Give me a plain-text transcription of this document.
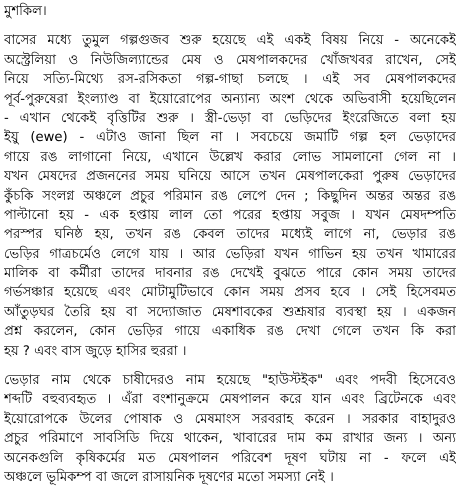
মুশকিল।
বাসের মধ্যে তুমুল গল্পগুজব শুরু হয়েছে এই একই বিষয় নিয়ে - অনেকেই
অস্ট্রেলিয়া ও নিউজিল্যান্ডের মেষ ও মেষপালকদের খোঁজখবর রাখেন, সেই
নিয়ে সত্যি-মিথ্যে রস-রসিকতা গল্প-গাছা চলছে । এই সব মেষপালকদের
পূর্ব-পুরুষেরা ইংল্যাণ্ড বা ইয়োরোপের অন্যান্য অংশ থেকে অভিবাসী হয়েছিলেন
- এখান থেকেই বৃত্তিটির শুরু । স্ত্রী-ভেড়া বা ভেড়িদের ইংরেজিতে বলা হয়
ইয়ু (ewe) - এটাও জানা ছিল না । সবচেয়ে জমাটি গল্প হল ভেড়াদের
গায়ে রঙ লাগানো নিয়ে, এখানে উল্লেখ করার লোভ সামলানো গেল না ।
যখন মেষদের প্রজননের সময় ঘনিয়ে আসে তখন মেষপালকেরা পুরুষ ভেড়াদের
কুঁচকি সংলগ্ন অঞ্চলে প্রচুর পরিমান রঙ লেপে দেন ; কিছুদিন অন্তর অন্তর রঙ
পাল্টানো হয় - এক হপ্তায় লাল তো পরের হপ্তায় সবুজ । যখন মেষদম্পতি
পরস্পর ঘনিষ্ঠ হয়, তখন রঙ কেবল তাদের মধ্যেই লাগে না, ভেড়ার রঙ
ভেড়ির গাত্রচর্মেও লেগে যায় । আর ভেড়িরা যখন গাভিন হয় তখন খামারের
মালিক বা কর্মীরা তাদের দাবনার রঙ দেখেই বুঝতে পারে কোন সময় তাদের
গর্ভসঞ্চার হয়েছে এবং মোটামুটিভাবে কোন সময় প্রসব হবে । সেই হিসেবমত
আঁতুড়ঘর তৈরি হয় বা সদ্যোজাত মেষশাবকের শুশ্রূষার ব্যবস্থা হয় । একজন
প্রশ্ন করলেন, কোন ভেড়ির গায়ে একাধিক রঙ দেখা গেলে তখন কি করা
হয় ? এবং বাস জুড়ে হাসির হুররা ।
ভেড়ার নাম থেকে চাষীদেরও নাম হয়েছে "হাউস্টইক" এবং পদবী হিসেবেও
শব্দটি বহুব্যবহৃত । এঁরা বংশানুক্রমে মেষপালন করে যান এবং ব্রিটেনকে এবং
ইয়োরোপকে উলের পোষাক ও মেষমাংস সরবরাহ করেন । সরকার বাহাদুরও
প্রচুর পরিমাণে সাবসিডি দিয়ে থাকেন, খাবারের দাম কম রাখার জন্য । অন্য
অনেকগুলি কৃষিকর্মের মত মেষপালন পরিবেশ দূষণ ঘটায় না - ফলে এই
অঞ্চলে ভূমিকম্প বা জলে রাসায়নিক দূষণের মতো সমস্যা নেই ।
